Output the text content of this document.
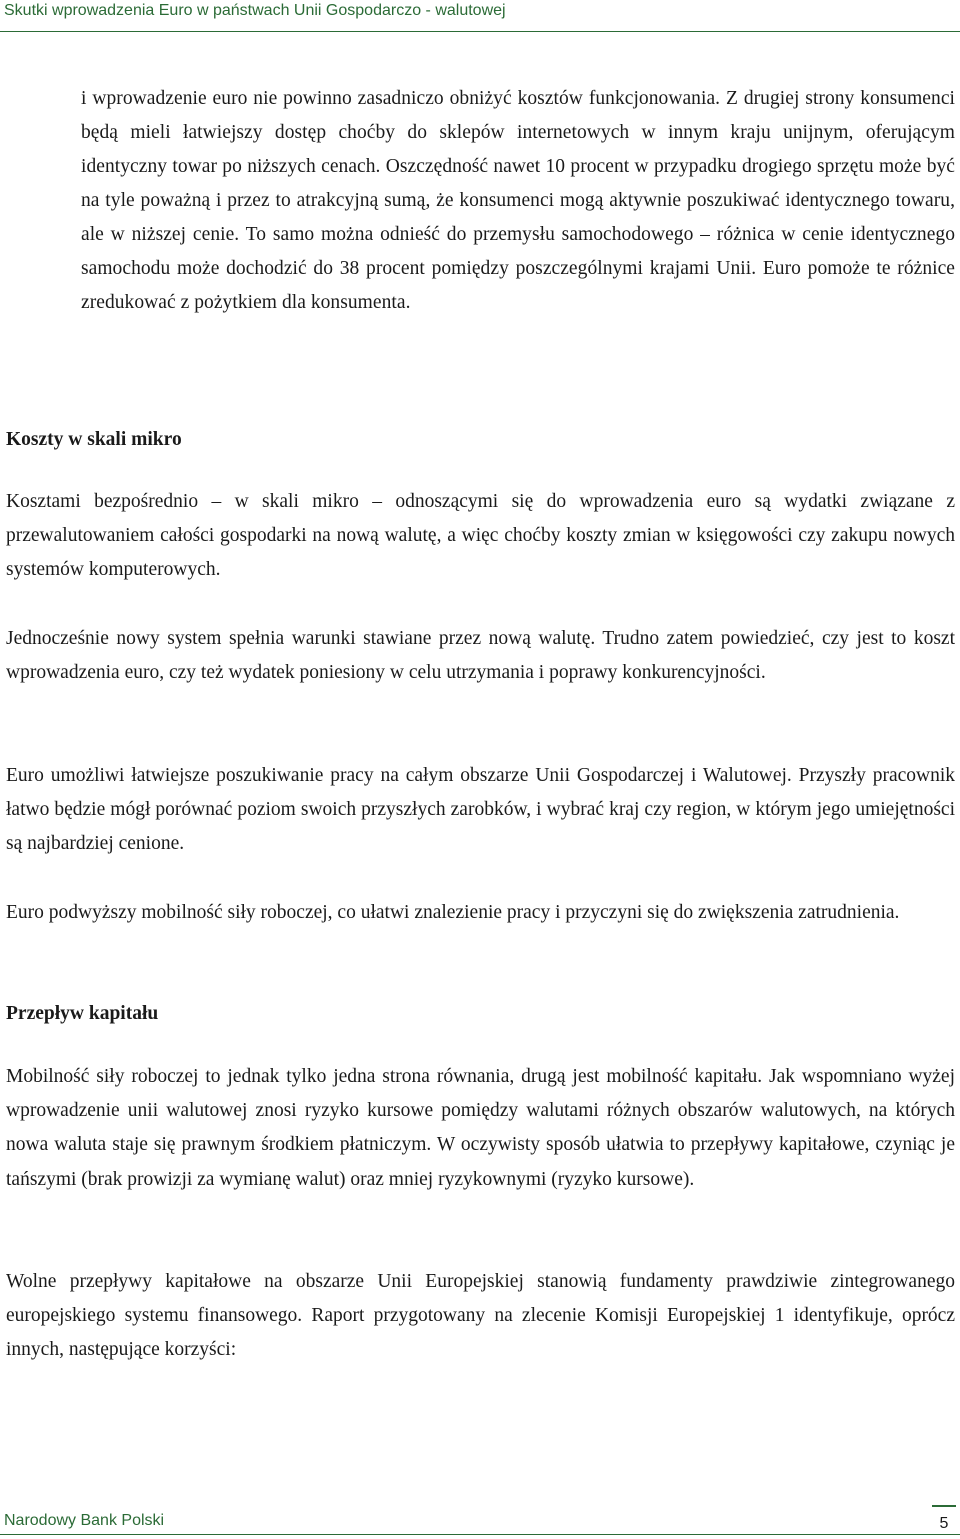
Skutki wprowadzenia Euro w państwach Unii Gospodarczo - walutowej

i wprowadzenie euro nie powinno zasadniczo obniżyć kosztów funkcjonowania. Z drugiej strony konsumenci będą mieli łatwiejszy dostęp choćby do sklepów internetowych w innym kraju unijnym, oferującym identyczny towar po niższych cenach. Oszczędność nawet 10 procent w przypadku drogiego sprzętu może być na tyle poważną i przez to atrakcyjną sumą, że konsumenci mogą aktywnie poszukiwać identycznego towaru, ale w niższej cenie. To samo można odnieść do przemysłu samochodowego – różnica w cenie identycznego samochodu może dochodzić do 38 procent pomiędzy poszczególnymi krajami Unii. Euro pomoże te różnice zredukować z pożytkiem dla konsumenta.

Koszty w skali mikro

Kosztami bezpośrednio – w skali mikro – odnoszącymi się do wprowadzenia euro są wydatki związane z przewalutowaniem całości gospodarki na nową walutę, a więc choćby koszty zmian w księgowości czy zakupu nowych systemów komputerowych.

Jednocześnie nowy system spełnia warunki stawiane przez nową walutę. Trudno zatem powiedzieć, czy jest to koszt wprowadzenia euro, czy też wydatek poniesiony w celu utrzymania i poprawy konkurencyjności.

Euro umożliwi łatwiejsze poszukiwanie pracy na całym obszarze Unii Gospodarczej i Walutowej. Przyszły pracownik łatwo będzie mógł porównać poziom swoich przyszłych zarobków, i wybrać kraj czy region, w którym jego umiejętności są najbardziej cenione.

Euro podwyższy mobilność siły roboczej, co ułatwi znalezienie pracy i przyczyni się do zwiększenia zatrudnienia.

Przepływ kapitału

Mobilność siły roboczej to jednak tylko jedna strona równania, drugą jest mobilność kapitału. Jak wspomniano wyżej wprowadzenie unii walutowej znosi ryzyko kursowe pomiędzy walutami różnych obszarów walutowych, na których nowa waluta staje się prawnym środkiem płatniczym. W oczywisty sposób ułatwia to przepływy kapitałowe, czyniąc je tańszymi (brak prowizji za wymianę walut) oraz mniej ryzykownymi (ryzyko kursowe).

Wolne przepływy kapitałowe na obszarze Unii Europejskiej stanowią fundamenty prawdziwie zintegrowanego europejskiego systemu finansowego. Raport przygotowany na zlecenie Komisji Europejskiej 1 identyfikuje, oprócz innych, następujące korzyści:

Narodowy Bank Polski	5
